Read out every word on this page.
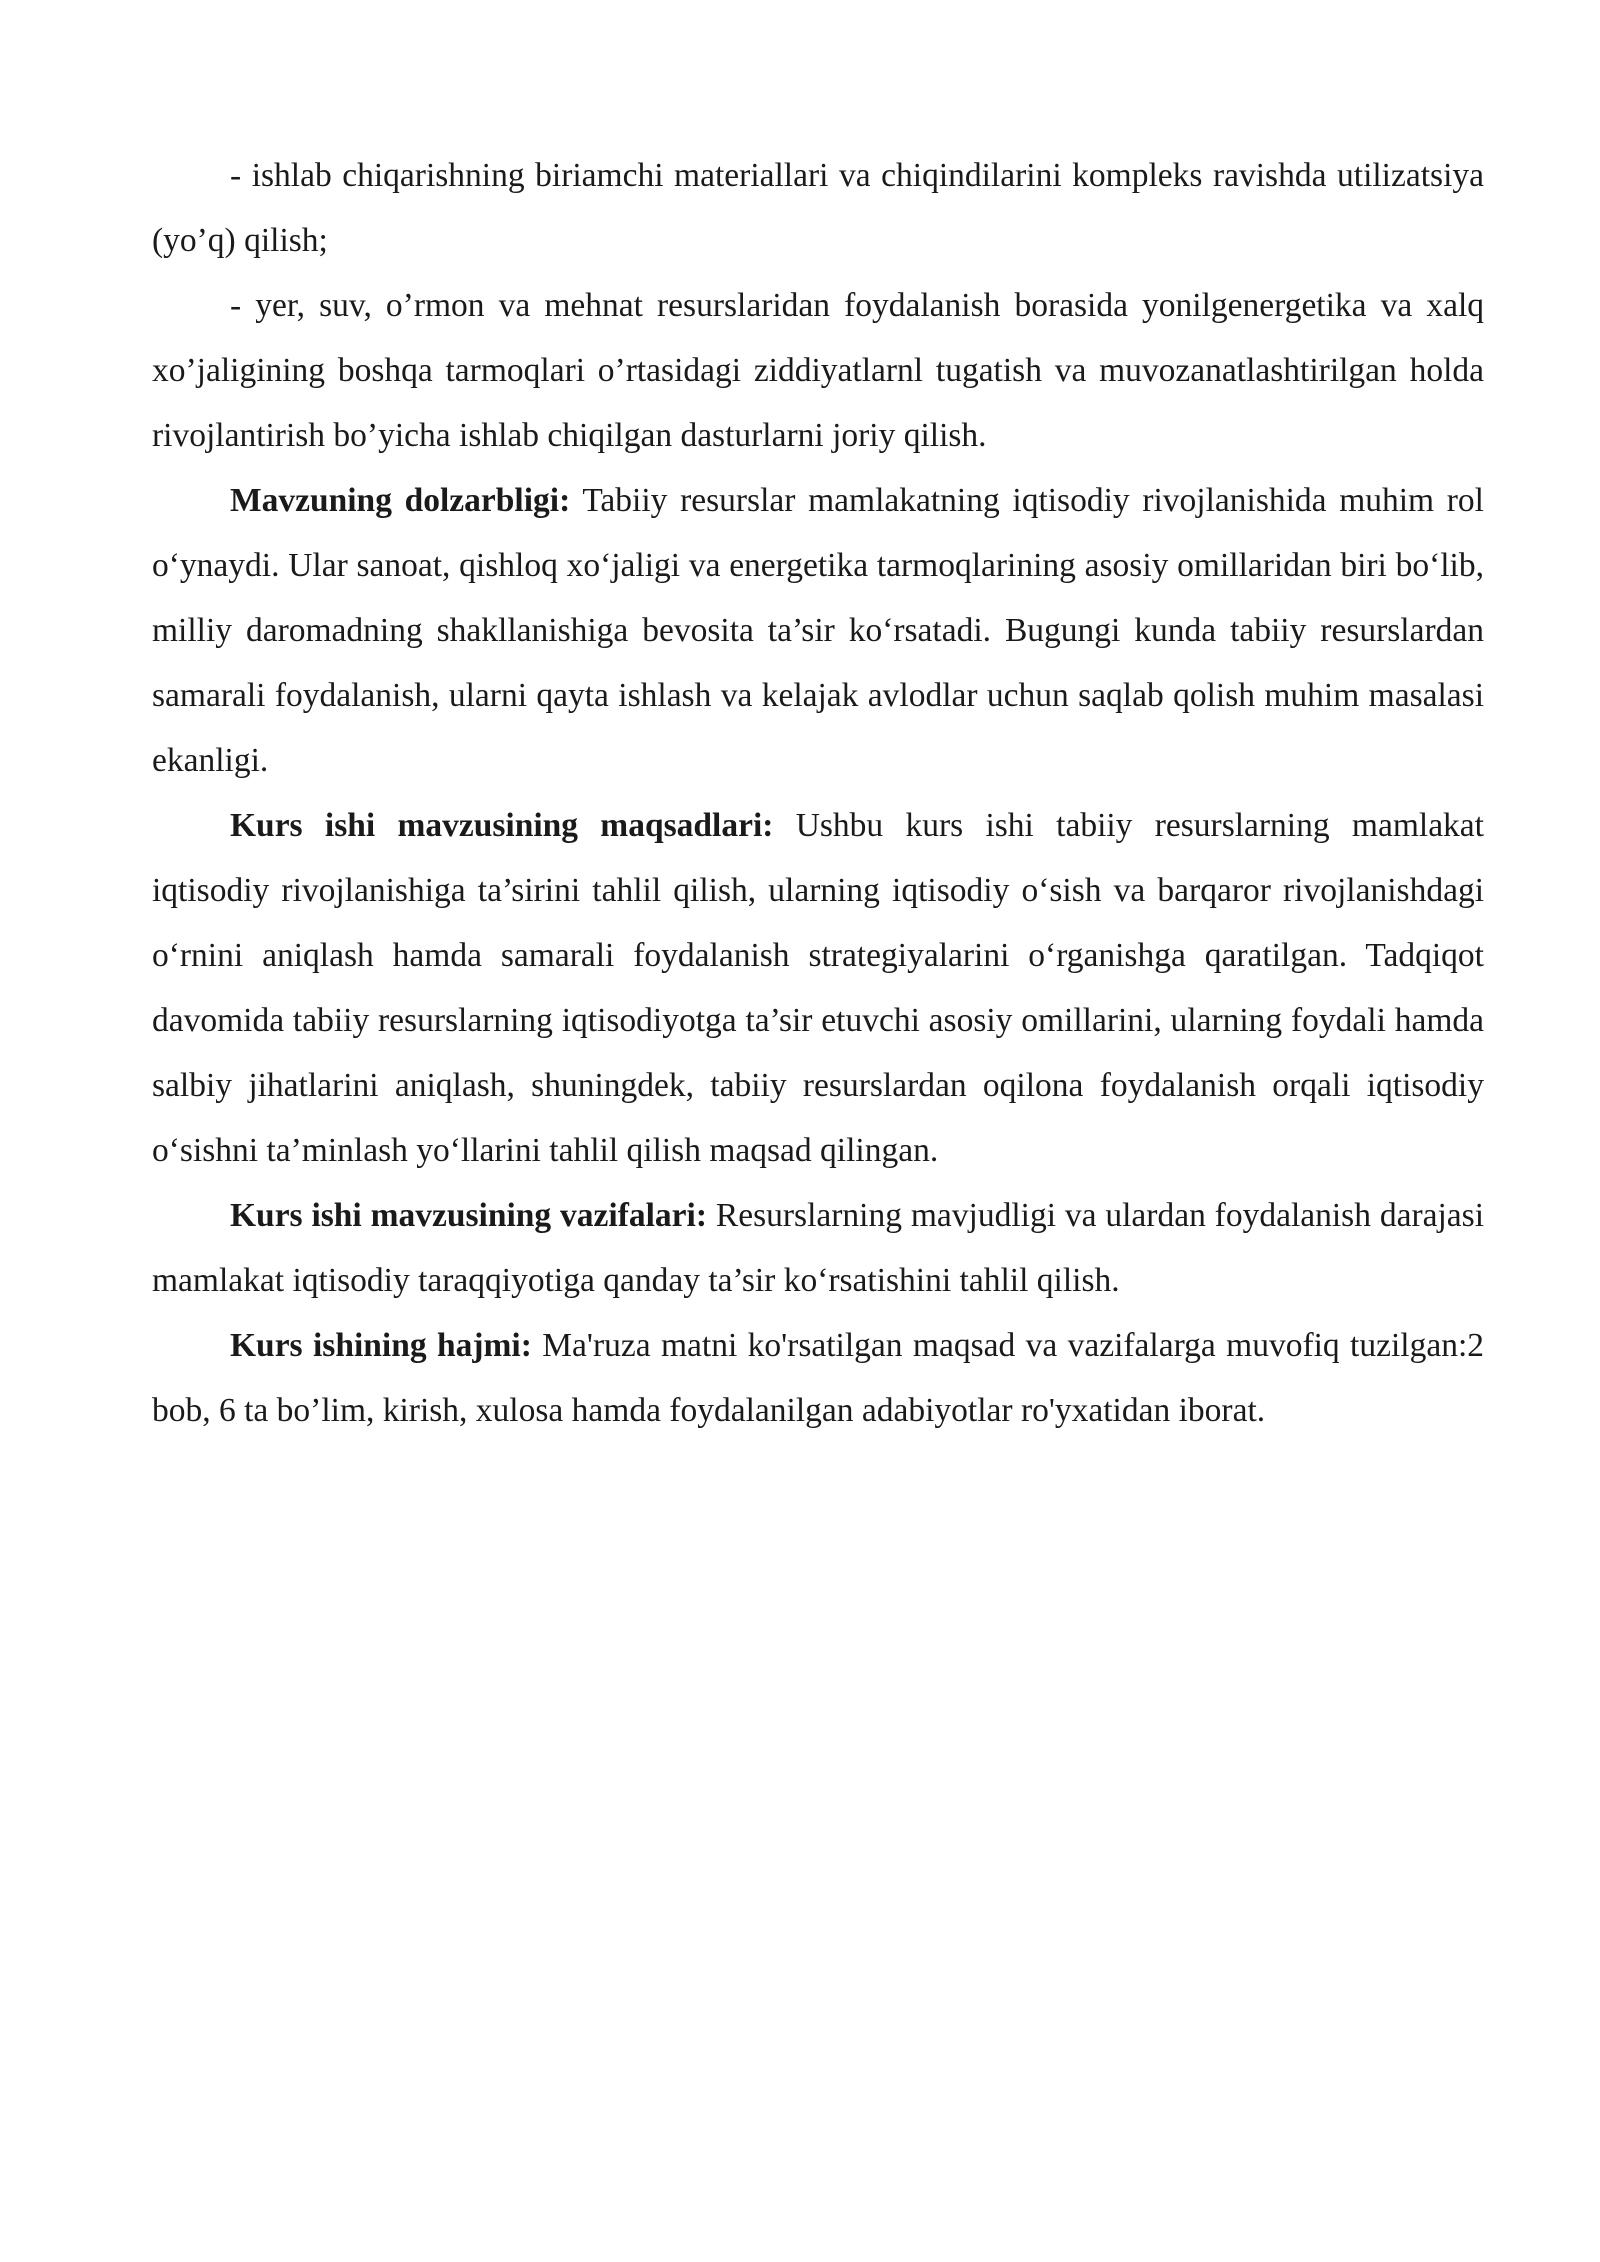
- ishlab chiqarishning biriamchi materiallari va chiqindilarini kompleks ravishda utilizatsiya (yo’q) qilish;

- yer, suv, o’rmon va mehnat resurslaridan foydalanish borasida yonilgenergetika va xalq xo’jaligining boshqa tarmoqlari o’rtasidagi ziddiyatlarnl tugatish va muvozanatlashtirilgan holda rivojlantirish bo’yicha ishlab chiqilgan dasturlarni joriy qilish.

Mavzuning dolzarbligi: Tabiiy resurslar mamlakatning iqtisodiy rivojlanishida muhim rol o‘ynaydi. Ular sanoat, qishloq xo‘jaligi va energetika tarmoqlarining asosiy omillaridan biri bo‘lib, milliy daromadning shakllanishiga bevosita ta’sir ko‘rsatadi. Bugungi kunda tabiiy resurslardan samarali foydalanish, ularni qayta ishlash va kelajak avlodlar uchun saqlab qolish muhim masalasi ekanligi.

Kurs ishi mavzusining maqsadlari: Ushbu kurs ishi tabiiy resurslarning mamlakat iqtisodiy rivojlanishiga ta’sirini tahlil qilish, ularning iqtisodiy o‘sish va barqaror rivojlanishdagi o‘rnini aniqlash hamda samarali foydalanish strategiyalarini o‘rganishga qaratilgan. Tadqiqot davomida tabiiy resurslarning iqtisodiyotga ta’sir etuvchi asosiy omillarini, ularning foydali hamda salbiy jihatlarini aniqlash, shuningdek, tabiiy resurslardan oqilona foydalanish orqali iqtisodiy o‘sishni ta’minlash yo‘llarini tahlil qilish maqsad qilingan.

Kurs ishi mavzusining vazifalari: Resurslarning mavjudligi va ulardan foydalanish darajasi mamlakat iqtisodiy taraqqiyotiga qanday ta’sir ko‘rsatishini tahlil qilish.

Kurs ishining hajmi: Ma'ruza matni ko'rsatilgan maqsad va vazifalarga muvofiq tuzilgan:2 bob, 6 ta bo’lim, kirish, xulosa hamda foydalanilgan adabiyotlar ro'yxatidan iborat.
